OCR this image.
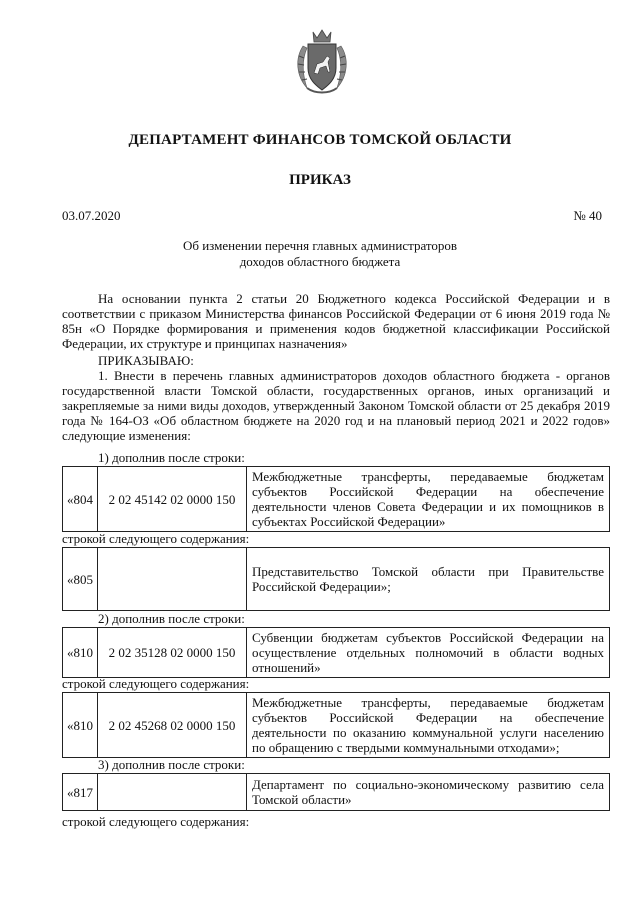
ДЕПАРТАМЕНТ ФИНАНСОВ ТОМСКОЙ ОБЛАСТИ
ПРИКАЗ
03.07.2020	№ 40
Об изменении перечня главных администраторов
доходов областного бюджета
На основании пункта 2 статьи 20 Бюджетного кодекса Российской Федерации и в соответствии с приказом Министерства финансов Российской Федерации от 6 июня 2019 года № 85н «О Порядке формирования и применения кодов бюджетной классификации Российской Федерации, их структуре и принципах назначения»
ПРИКАЗЫВАЮ:
1. Внести в перечень главных администраторов доходов областного бюджета - органов государственной власти Томской области, государственных органов, иных организаций и закрепляемые за ними виды доходов, утвержденный Законом Томской области от 25 декабря 2019 года № 164-ОЗ «Об областном бюджете на 2020 год и на плановый период 2021 и 2022 годов» следующие изменения:
1) дополнив после строки:
«804	2 02 45142 02 0000 150	Межбюджетные трансферты, передаваемые бюджетам субъектов Российской Федерации на обеспечение деятельности членов Совета Федерации и их помощников в субъектах Российской Федерации»
строкой следующего содержания:
«805		Представительство Томской области при Правительстве Российской Федерации»;
2) дополнив после строки:
«810	2 02 35128 02 0000 150	Субвенции бюджетам субъектов Российской Федерации на осуществление отдельных полномочий в области водных отношений»
строкой следующего содержания:
«810	2 02 45268 02 0000 150	Межбюджетные трансферты, передаваемые бюджетам субъектов Российской Федерации на обеспечение деятельности по оказанию коммунальной услуги населению по обращению с твердыми коммунальными отходами»;
3) дополнив после строки:
«817		Департамент по социально-экономическому развитию села Томской области»
строкой следующего содержания:
